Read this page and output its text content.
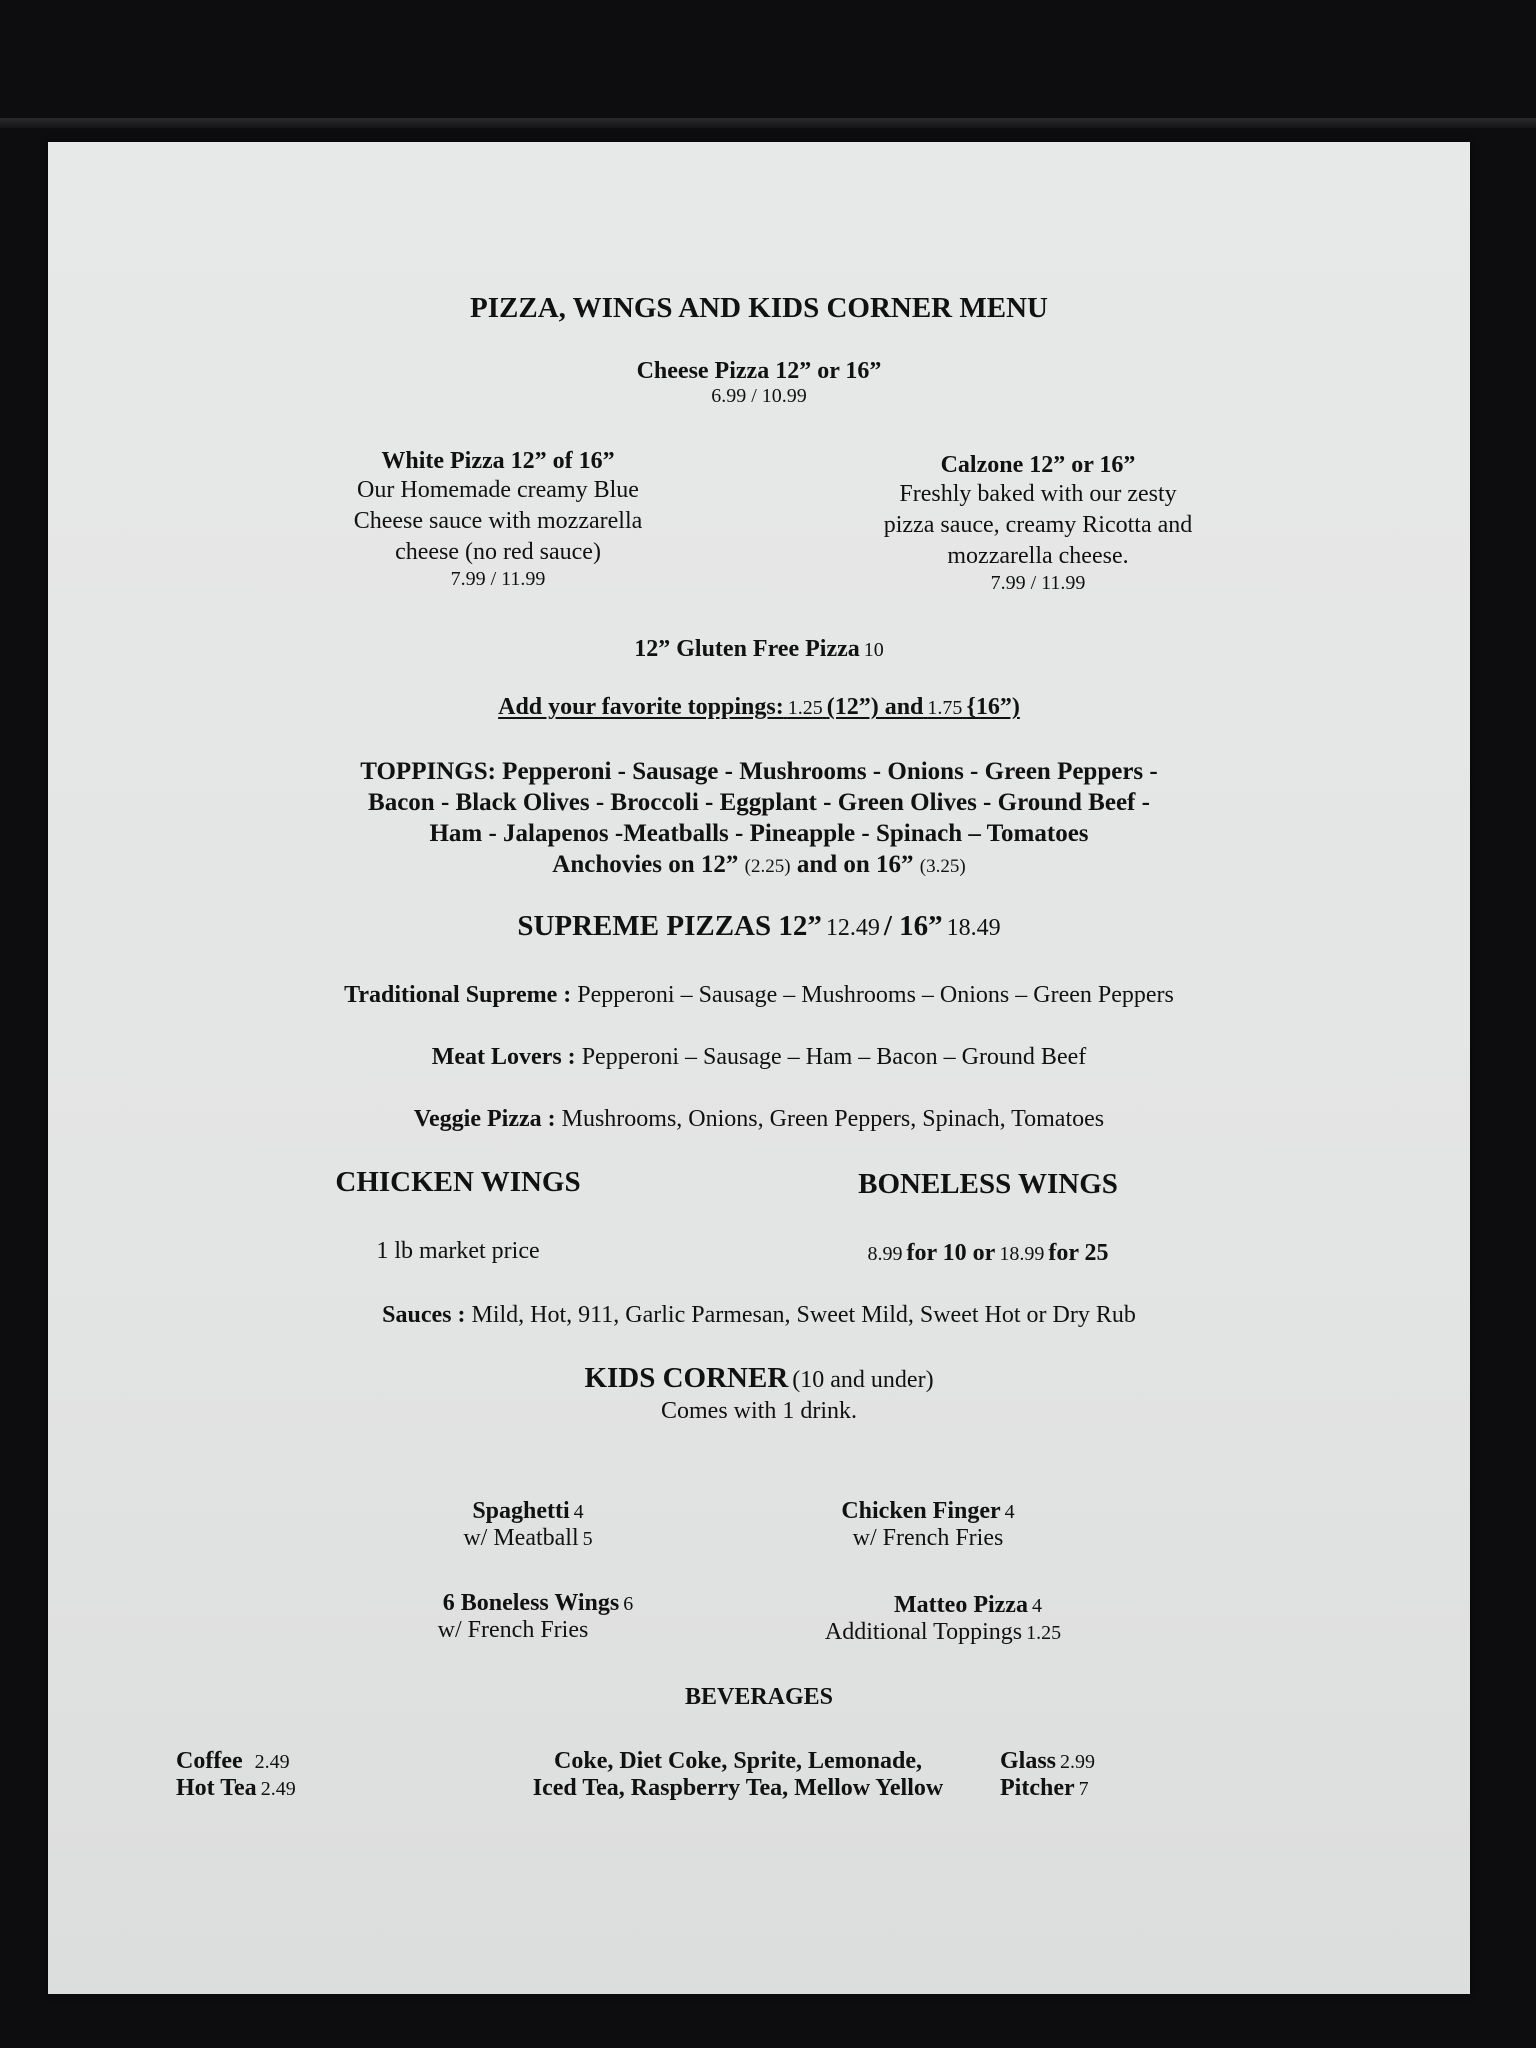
PIZZA, WINGS AND KIDS CORNER MENU
Cheese Pizza 12” or 16”
6.99 / 10.99
White Pizza 12” of 16”
Our Homemade creamy Blue
Cheese sauce with mozzarella
cheese (no red sauce)
7.99 / 11.99
Calzone 12” or 16”
Freshly baked with our zesty
pizza sauce, creamy Ricotta and
mozzarella cheese.
7.99 / 11.99
12” Gluten Free Pizza 10
Add your favorite toppings: 1.25 (12”) and 1.75 {16”)
TOPPINGS: Pepperoni - Sausage - Mushrooms - Onions - Green Peppers -
Bacon - Black Olives - Broccoli - Eggplant - Green Olives - Ground Beef -
Ham - Jalapenos -Meatballs - Pineapple - Spinach – Tomatoes
Anchovies on 12” (2.25) and on 16” (3.25)
SUPREME PIZZAS 12” 12.49 / 16” 18.49
Traditional Supreme : Pepperoni – Sausage – Mushrooms – Onions – Green Peppers
Meat Lovers : Pepperoni – Sausage – Ham – Bacon – Ground Beef
Veggie Pizza : Mushrooms, Onions, Green Peppers, Spinach, Tomatoes
CHICKEN WINGS	BONELESS WINGS
1 lb market price	8.99 for 10 or 18.99 for 25
Sauces : Mild, Hot, 911, Garlic Parmesan, Sweet Mild, Sweet Hot or Dry Rub
KIDS CORNER (10 and under)
Comes with 1 drink.
Spaghetti 4
w/ Meatball 5
Chicken Finger 4
w/ French Fries
6 Boneless Wings 6
w/ French Fries
Matteo Pizza 4
Additional Toppings 1.25
BEVERAGES
Coffee 2.49
Hot Tea 2.49
Coke, Diet Coke, Sprite, Lemonade,
Iced Tea, Raspberry Tea, Mellow Yellow
Glass 2.99
Pitcher 7
